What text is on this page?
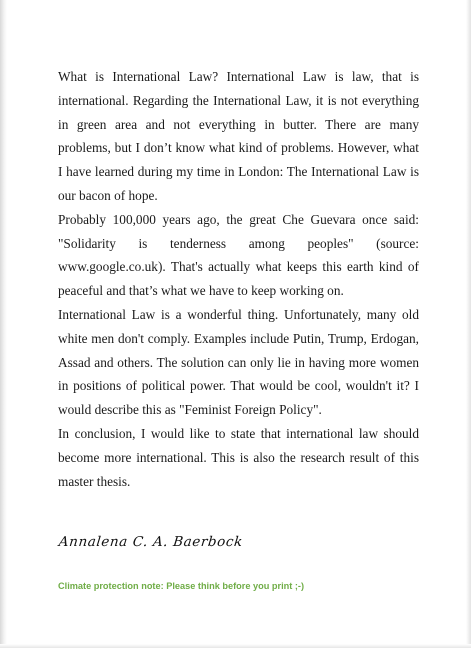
What is International Law? International Law is law, that is international. Regarding the International Law, it is not everything in green area and not everything in butter. There are many problems, but I don’t know what kind of problems. However, what I have learned during my time in London: The International Law is our bacon of hope.

Probably 100,000 years ago, the great Che Guevara once said: "Solidarity is tenderness among peoples" (source: www.google.co.uk). That's actually what keeps this earth kind of peaceful and that’s what we have to keep working on.

International Law is a wonderful thing. Unfortunately, many old white men don't comply. Examples include Putin, Trump, Erdogan, Assad and others. The solution can only lie in having more women in positions of political power. That would be cool, wouldn't it? I would describe this as "Feminist Foreign Policy".

In conclusion, I would like to state that international law should become more international. This is also the research result of this master thesis.

Annalena C. A. Baerbock
Climate protection note: Please think before you print ;-)
